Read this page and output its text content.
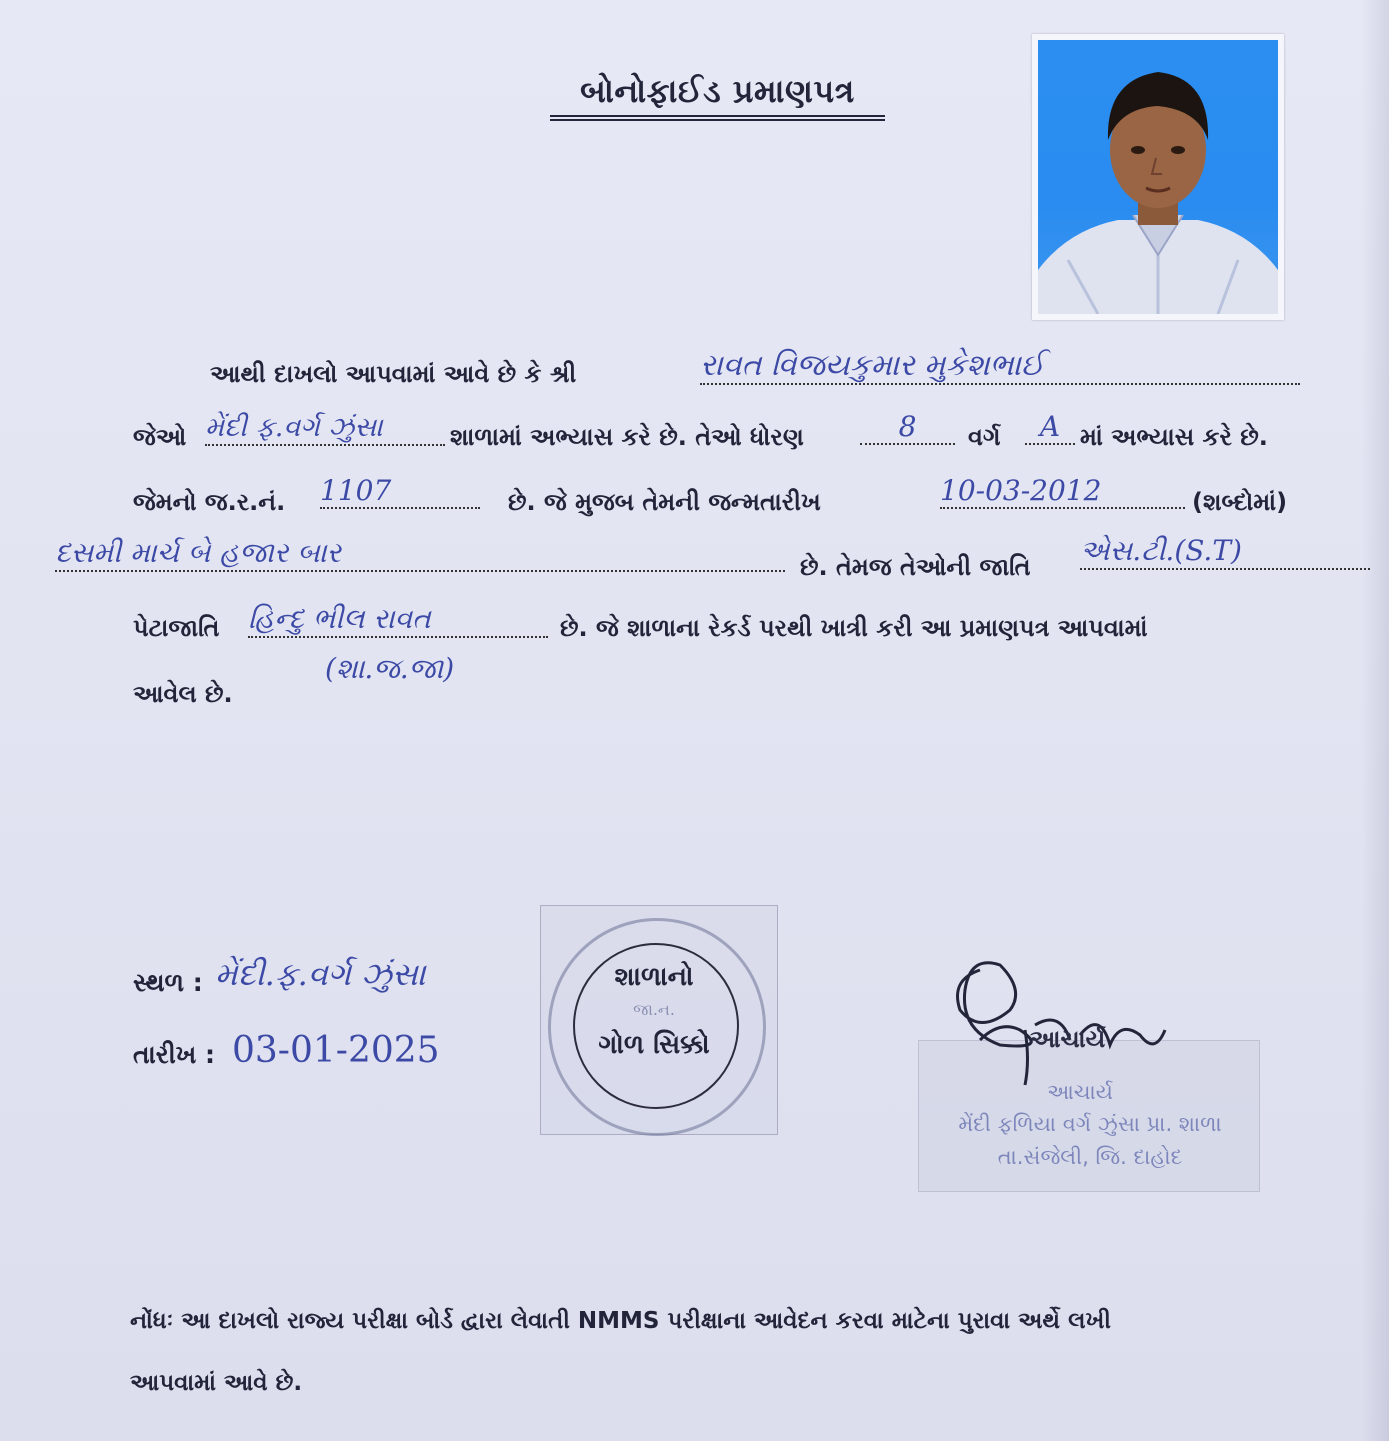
બોનોફાઈડ પ્રમાણપત્ર
આથી દાખલો આપવામાં આવે છે કે શ્રી	રાવત વિજયકુમાર મુકેશભાઈ
જેઓ મેંદી ફ.વર્ગ ઝુંસા	શાળામાં અભ્યાસ કરે છે. તેઓ ધોરણ	8	વર્ગ	A માં અભ્યાસ કરે છે.
જેમનો જ.ર.નં. 1107	છે. જે મુજબ તેમની જન્મતારીખ	10-03-2012	(શબ્દોમાં)
દસમી માર્ચ બે હજાર બાર	છે. તેમજ તેઓની જાતિ એસ.ટી.(S.T)
પેટાજાતિ હિન્દુ ભીલ રાવત	છે. જે શાળાના રેકર્ડ પરથી ખાત્રી કરી આ પ્રમાણપત્ર આપવામાં
(શા.જ.જા)
આવેલ છે.
સ્થળ : મેંદી.ફ.વર્ગ ઝુંસા
તારીખ : 03-01-2025
શાળાનો
જા.ન.
ગોળ સિક્કો	આચાર્ય
આચાર્ય
મેંદી ફળિયા વર્ગ ઝુંસા પ્રા. શાળા
તા.સંજેલી, જિ. દાહોદ
નોંધઃ આ દાખલો રાજ્ય પરીક્ષા બોર્ડ દ્વારા લેવાતી NMMS પરીક્ષાના આવેદન કરવા માટેના પુરાવા અર્થે લખી
આપવામાં આવે છે.
